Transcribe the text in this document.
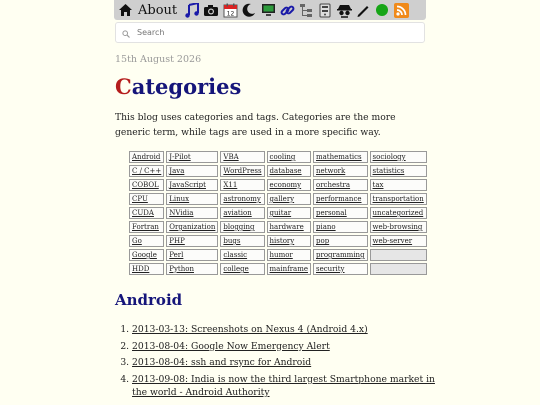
About	12
Search
15th August 2026
Categories

This blog uses categories and tags. Categories are the more generic term, while tags are used in a more specific way.

Android	J-Pilot	VBA	cooling	mathematics	sociology
C / C++	Java	WordPress	database	network	statistics
COBOL	JavaScript	X11	economy	orchestra	tax
CPU	Linux	astronomy	gallery	performance	transportation
CUDA	NVidia	aviation	guitar	personal	uncategorized
Fortran	Organization	blogging	hardware	piano	web-browsing
Go	PHP	bugs	history	pop	web-server
Google	Perl	classic	humor	programming	
HDD	Python	college	mainframe	security	
Android
1. 2013-03-13: Screenshots on Nexus 4 (Android 4.x)
2. 2013-08-04: Google Now Emergency Alert
3. 2013-08-04: ssh and rsync for Android
4. 2013-09-08: India is now the third largest Smartphone market in the world - Android Authority
